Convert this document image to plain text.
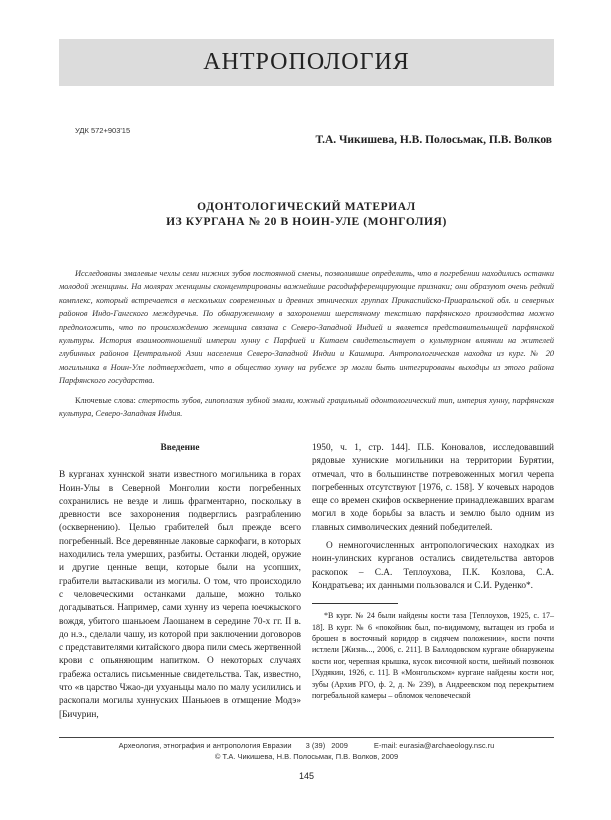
АНТРОПОЛОГИЯ
УДК 572+903'15
Т.А. Чикишева, Н.В. Полосьмак, П.В. Волков
ОДОНТОЛОГИЧЕСКИЙ МАТЕРИАЛ
ИЗ КУРГАНА № 20 В НОИН-УЛЕ (МОНГОЛИЯ)

Исследованы эмалевые чехлы семи нижних зубов постоянной смены, позволившие определить, что в погребении находились останки молодой женщины. На молярах женщины сконцентрированы важнейшие расодифференцирующие признаки; они образуют очень редкий комплекс, который встречается в нескольких современных и древних этнических группах Прикаспийско-Приаральской обл. и северных районов Индо-Гангского междуречья. По обнаруженному в захоронении шерстяному текстилю парфянского производства можно предположить, что по происхождению женщина связана с Северо-Западной Индией и является представительницей парфянской культуры. История взаимоотношений империи хунну с Парфией и Китаем свидетельствует о культурном влиянии на жителей глубинных районов Центральной Азии населения Северо-Западной Индии и Кашмира. Антропологическая находка из кург. № 20 могильника в Ноин-Уле подтверждает, что в общество хунну на рубеже эр могли быть интегрированы выходцы из этого района Парфянского государства.

Ключевые слова: стертость зубов, гипоплазия зубной эмали, южный грацильный одонтологический тип, империя хунну, парфянская культура, Северо-Западная Индия.

Введение

В курганах хуннской знати известного могильника в горах Ноин-Улы в Северной Монголии кости погребенных сохранились не везде и лишь фрагментарно, поскольку в древности все захоронения подверглись разграблению (осквернению). Целью грабителей был прежде всего погребенный. Все деревянные лаковые саркофаги, в которых находились тела умерших, разбиты. Останки людей, оружие и другие ценные вещи, которые были на усопших, грабители вытаскивали из могилы. О том, что происходило с человеческими останками дальше, можно только догадываться. Например, сами хунну из черепа юечжыского вождя, убитого шаньюем Лаошанем в середине 70-х гг. II в. до н.э., сделали чашу, из которой при заключении договоров с представителями китайского двора пили смесь жертвенной крови с опьяняющим напитком. О некоторых случаях грабежа остались письменные свидетельства. Так, известно, что «в царство Чжао-ди ухуаньцы мало по малу усилились и раскопали могилы хуннуских Шаньюев в отмщение Модэ» [Бичурин,

1950, ч. 1, стр. 144]. П.Б. Коновалов, исследовавший рядовые хуниские могильники на территории Бурятии, отмечал, что в большинстве потревоженных могил черепа погребенных отсутствуют [1976, с. 158]. У кочевых народов еще со времен скифов осквернение принадлежавших врагам могил в ходе борьбы за власть и землю было одним из главных символических деяний победителей.

О немногочисленных антропологических находках из ноин-улинских курганов остались свидетельства авторов раскопок – С.А. Теплоухова, П.К. Козлова, С.А. Кондратьева; их данными пользовался и С.И. Руденко*.

*В кург. № 24 были найдены кости таза [Теплоухов, 1925, с. 17–18]. В кург. № 6 «покойник был, по-видимому, вытащен из гроба и брошен в восточный коридор в сидячем положении», кости почти истлели [Жизнь..., 2006, с. 211]. В Баллодовском кургане обнаружены кости ног, черепная крышка, кусок височной кости, шейный позвонок [Худякин, 1926, с. 11]. В «Монгольском» кургане найдены кости ног, зубы (Архив РГО, ф. 2, д. № 239), в Андреевском под перекрытием погребальной камеры – обломок человеческой

Археология, этнография и антропология Евразии 3 (39) 2009	E-mail: eurasia@archaeology.nsc.ru
© Т.А. Чикишева, Н.В. Полосьмак, П.В. Волков, 2009
145
